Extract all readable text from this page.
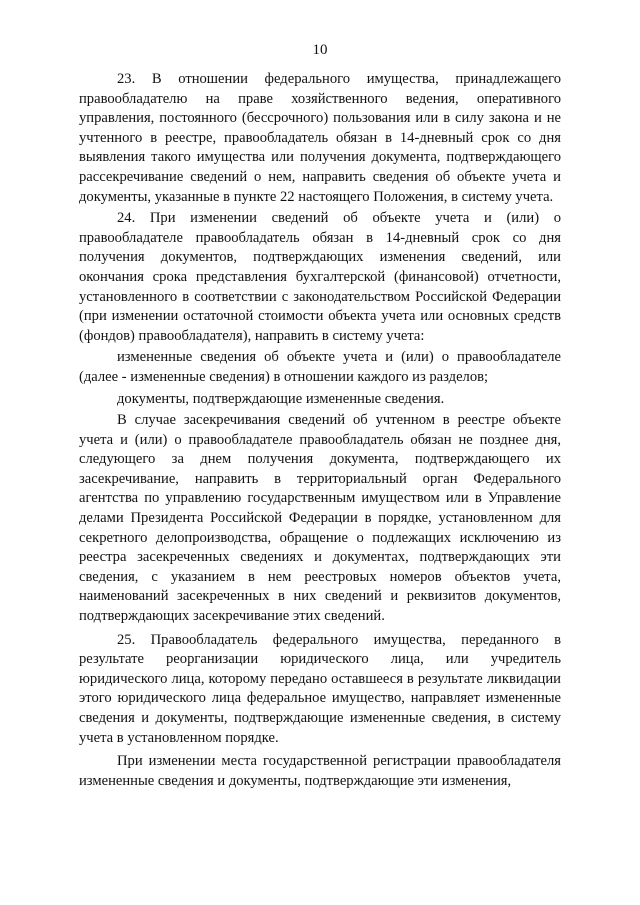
10

23. В отношении федерального имущества, принадлежащего правообладателю на праве хозяйственного ведения, оперативного управления, постоянного (бессрочного) пользования или в силу закона и не учтенного в реестре, правообладатель обязан в 14-дневный срок со дня выявления такого имущества или получения документа, подтверждающего рассекречивание сведений о нем, направить сведения об объекте учета и документы, указанные в пункте 22 настоящего Положения, в систему учета.

24. При изменении сведений об объекте учета и (или) о правообладателе правообладатель обязан в 14-дневный срок со дня получения документов, подтверждающих изменения сведений, или окончания срока представления бухгалтерской (финансовой) отчетности, установленного в соответствии с законодательством Российской Федерации (при изменении остаточной стоимости объекта учета или основных средств (фондов) правообладателя), направить в систему учета:

измененные сведения об объекте учета и (или) о правообладателе (далее - измененные сведения) в отношении каждого из разделов;

документы, подтверждающие измененные сведения.

В случае засекречивания сведений об учтенном в реестре объекте учета и (или) о правообладателе правообладатель обязан не позднее дня, следующего за днем получения документа, подтверждающего их засекречивание, направить в территориальный орган Федерального агентства по управлению государственным имуществом или в Управление делами Президента Российской Федерации в порядке, установленном для секретного делопроизводства, обращение о подлежащих исключению из реестра засекреченных сведениях и документах, подтверждающих эти сведения, с указанием в нем реестровых номеров объектов учета, наименований засекреченных в них сведений и реквизитов документов, подтверждающих засекречивание этих сведений.

25. Правообладатель федерального имущества, переданного в результате реорганизации юридического лица, или учредитель юридического лица, которому передано оставшееся в результате ликвидации этого юридического лица федеральное имущество, направляет измененные сведения и документы, подтверждающие измененные сведения, в систему учета в установленном порядке.

При изменении места государственной регистрации правообладателя измененные сведения и документы, подтверждающие эти изменения,
